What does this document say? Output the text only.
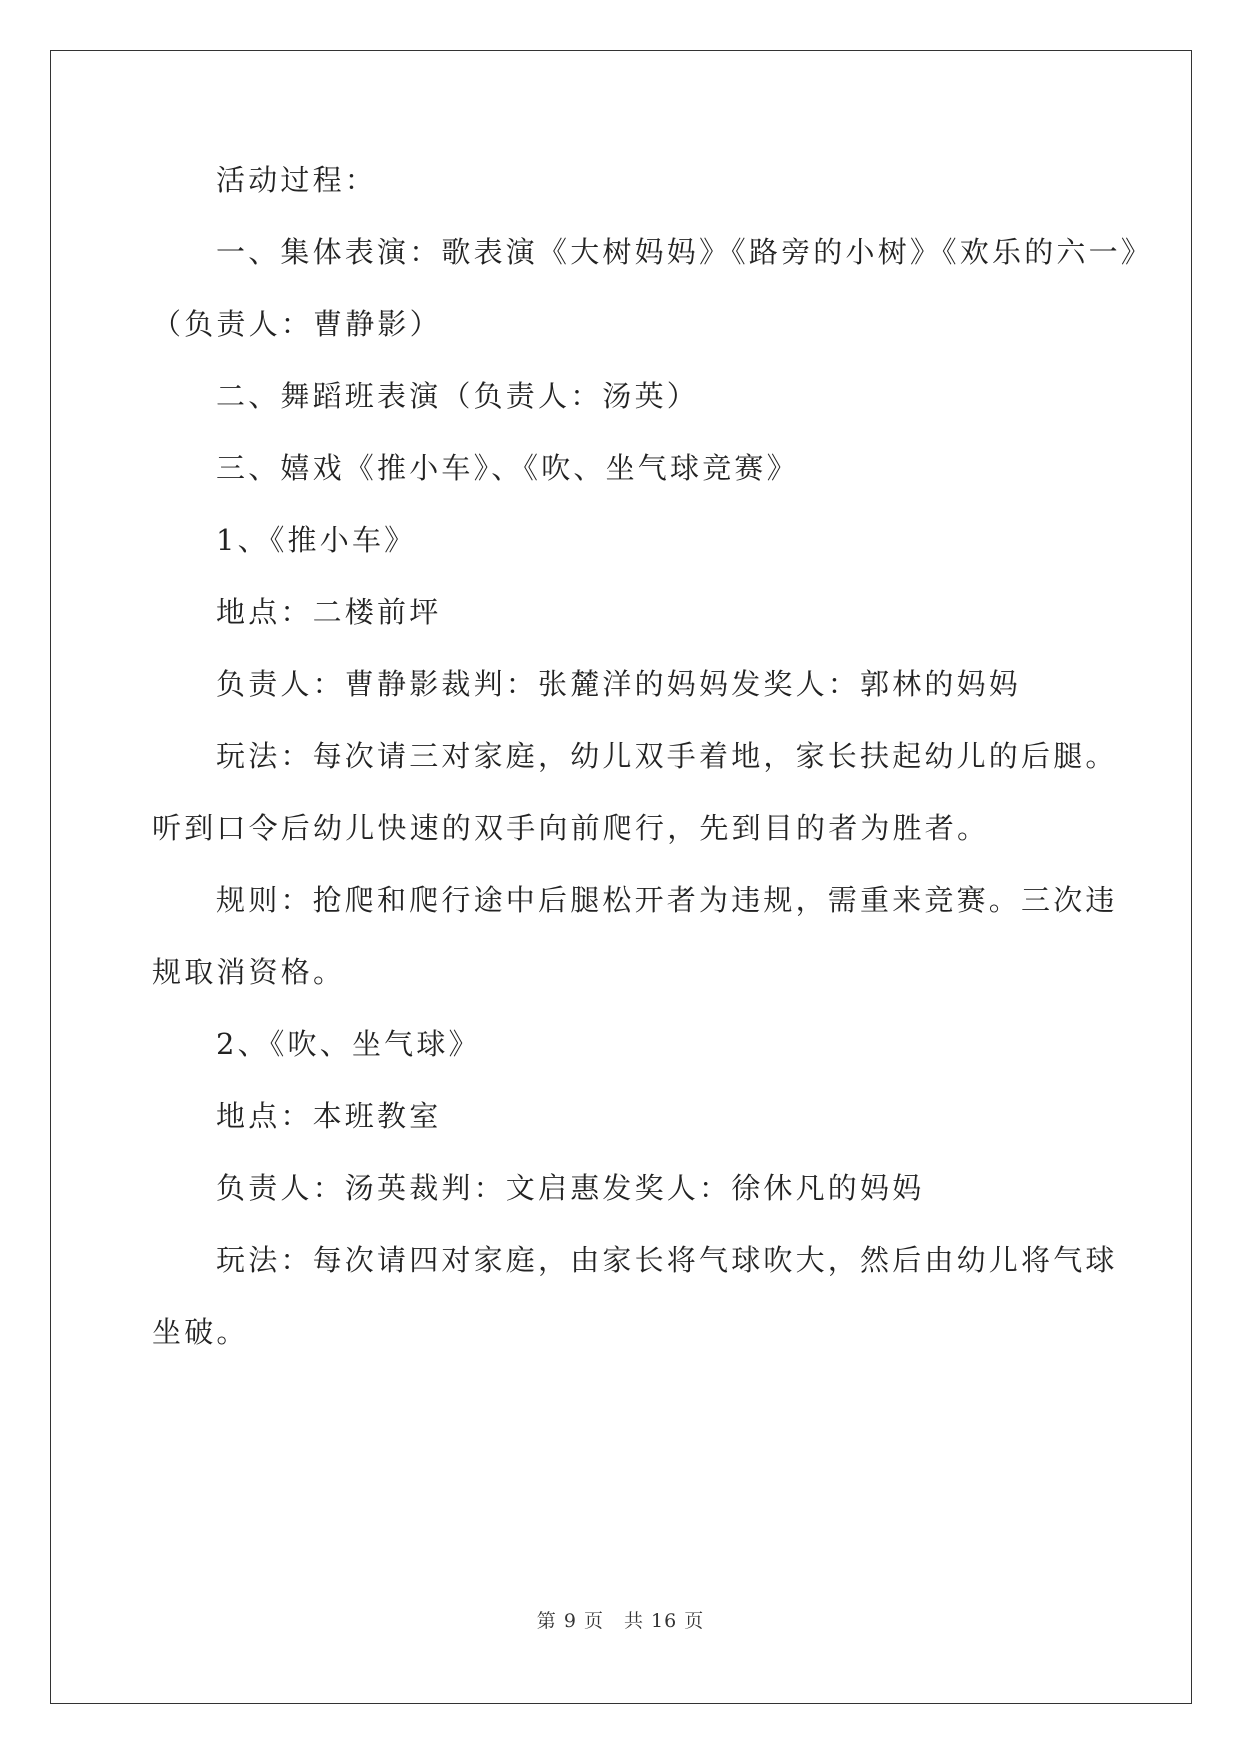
活动过程：
一、集体表演：歌表演《大树妈妈》《路旁的小树》《欢乐的六一》
（负责人：曹静影）
二、舞蹈班表演（负责人：汤英）
三、嬉戏《推小车》、《吹、坐气球竞赛》
1、《推小车》
地点：二楼前坪
负责人：曹静影裁判：张麓洋的妈妈发奖人：郭林的妈妈
玩法：每次请三对家庭，幼儿双手着地，家长扶起幼儿的后腿。
听到口令后幼儿快速的双手向前爬行，先到目的者为胜者。
规则：抢爬和爬行途中后腿松开者为违规，需重来竞赛。三次违
规取消资格。
2、《吹、坐气球》
地点：本班教室
负责人：汤英裁判：文启惠发奖人：徐休凡的妈妈
玩法：每次请四对家庭，由家长将气球吹大，然后由幼儿将气球
坐破。
第 9 页　共 16 页
